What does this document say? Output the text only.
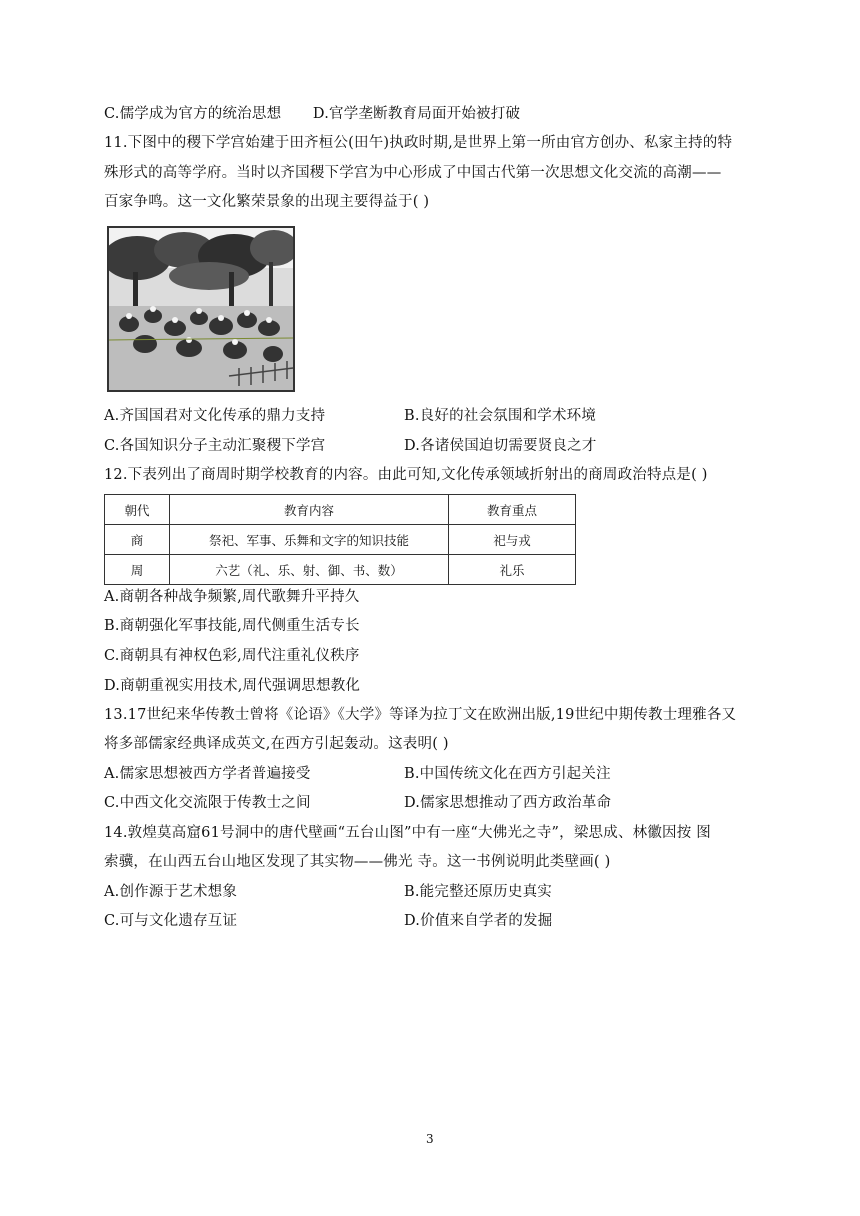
C.儒学成为官方的统治思想 D.官学垄断教育局面开始被打破
11.下图中的稷下学宫始建于田齐桓公(田午)执政时期,是世界上第一所由官方创办、私家主持的特
殊形式的高等学府。当时以齐国稷下学宫为中心形成了中国古代第一次思想文化交流的高潮——
百家争鸣。这一文化繁荣景象的出现主要得益于( )
A.齐国国君对文化传承的鼎力支持	B.良好的社会氛围和学术环境
C.各国知识分子主动汇聚稷下学宫	D.各诸侯国迫切需要贤良之才
12.下表列出了商周时期学校教育的内容。由此可知,文化传承领域折射出的商周政治特点是( )
朝代	教育内容	教育重点
商	祭祀、军事、乐舞和文字的知识技能	祀与戎
周	六艺（礼、乐、射、御、书、数）	礼乐
A.商朝各种战争频繁,周代歌舞升平持久
B.商朝强化军事技能,周代侧重生活专长
C.商朝具有神权色彩,周代注重礼仪秩序
D.商朝重视实用技术,周代强调思想教化
13.17世纪来华传教士曾将《论语》《大学》等译为拉丁文在欧洲出版,19世纪中期传教士理雅各又
将多部儒家经典译成英文,在西方引起轰动。这表明( )
A.儒家思想被西方学者普遍接受	B.中国传统文化在西方引起关注
C.中西文化交流限于传教士之间	D.儒家思想推动了西方政治革命
14.敦煌莫高窟61号洞中的唐代壁画“五台山图”中有一座“大佛光之寺”，梁思成、林徽因按 图
索骥，在山西五台山地区发现了其实物——佛光 寺。这一书例说明此类壁画( )
A.创作源于艺术想象	B.能完整还原历史真实
C.可与文化遗存互证	D.价值来自学者的发掘
3
